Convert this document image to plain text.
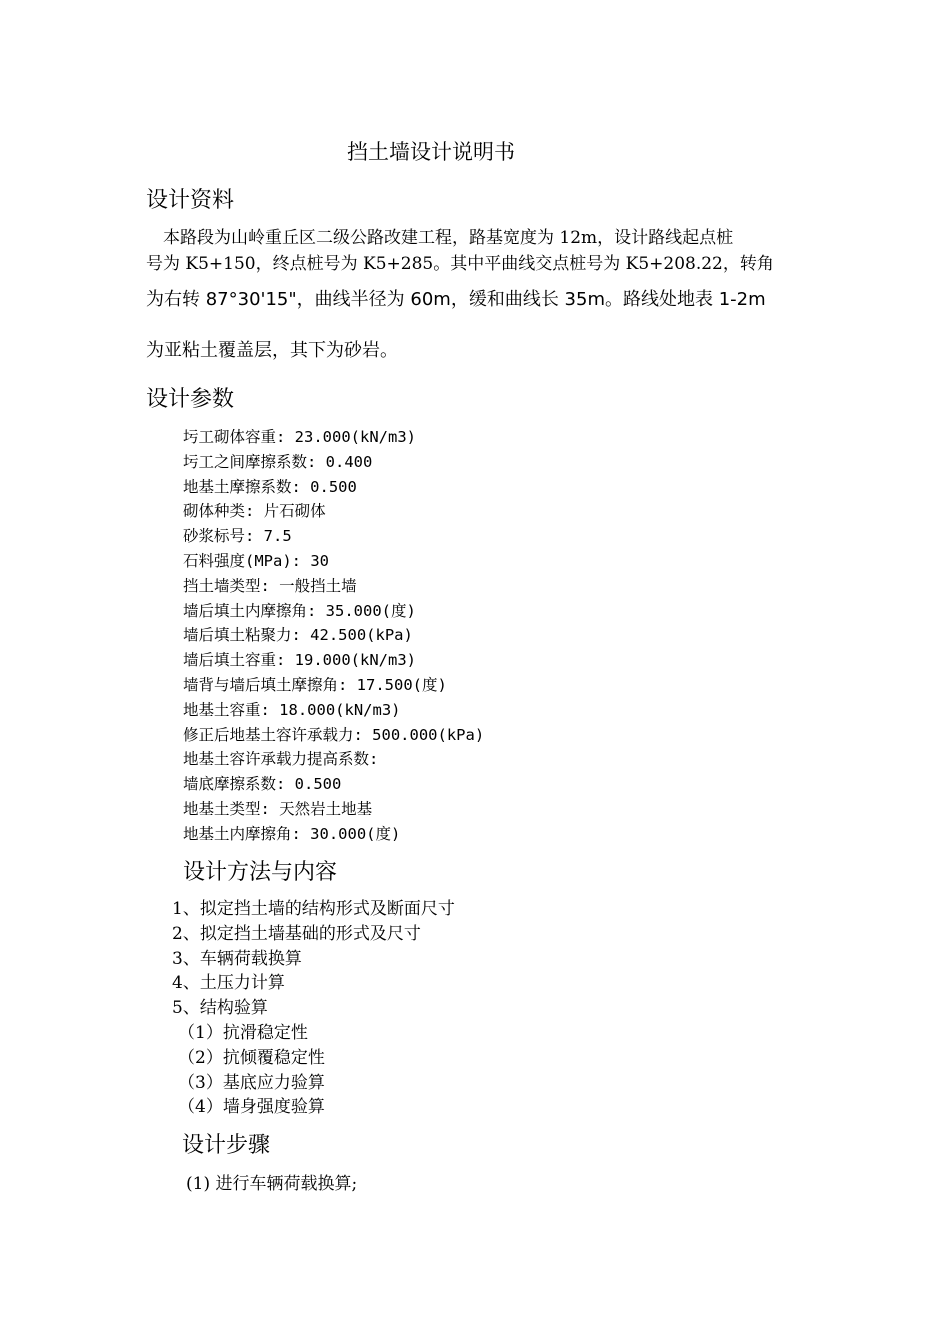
挡土墙设计说明书
设计资料
　本路段为山岭重丘区二级公路改建工程，路基宽度为 12m，设计路线起点桩
号为 K5+150，终点桩号为 K5+285。其中平曲线交点桩号为 K5+208.22，转角
为右转 87°30'15"，曲线半径为 60m，缓和曲线长 35m。路线处地表 1-2m
为亚粘土覆盖层，其下为砂岩。
设计参数
圬工砌体容重: 23.000(kN/m3)
圬工之间摩擦系数: 0.400
地基土摩擦系数: 0.500
砌体种类: 片石砌体
砂浆标号: 7.5
石料强度(MPa): 30
挡土墙类型: 一般挡土墙
墙后填土内摩擦角: 35.000(度)
墙后填土粘聚力: 42.500(kPa)
墙后填土容重: 19.000(kN/m3)
墙背与墙后填土摩擦角: 17.500(度)
地基土容重: 18.000(kN/m3)
修正后地基土容许承载力: 500.000(kPa)
地基土容许承载力提高系数:
墙底摩擦系数: 0.500
地基土类型: 天然岩土地基
地基土内摩擦角: 30.000(度)
设计方法与内容
1、拟定挡土墙的结构形式及断面尺寸
2、拟定挡土墙基础的形式及尺寸
3、车辆荷载换算
4、土压力计算
5、结构验算
（1）抗滑稳定性
（2）抗倾覆稳定性
（3）基底应力验算
（4）墙身强度验算
设计步骤
(1) 进行车辆荷载换算;
